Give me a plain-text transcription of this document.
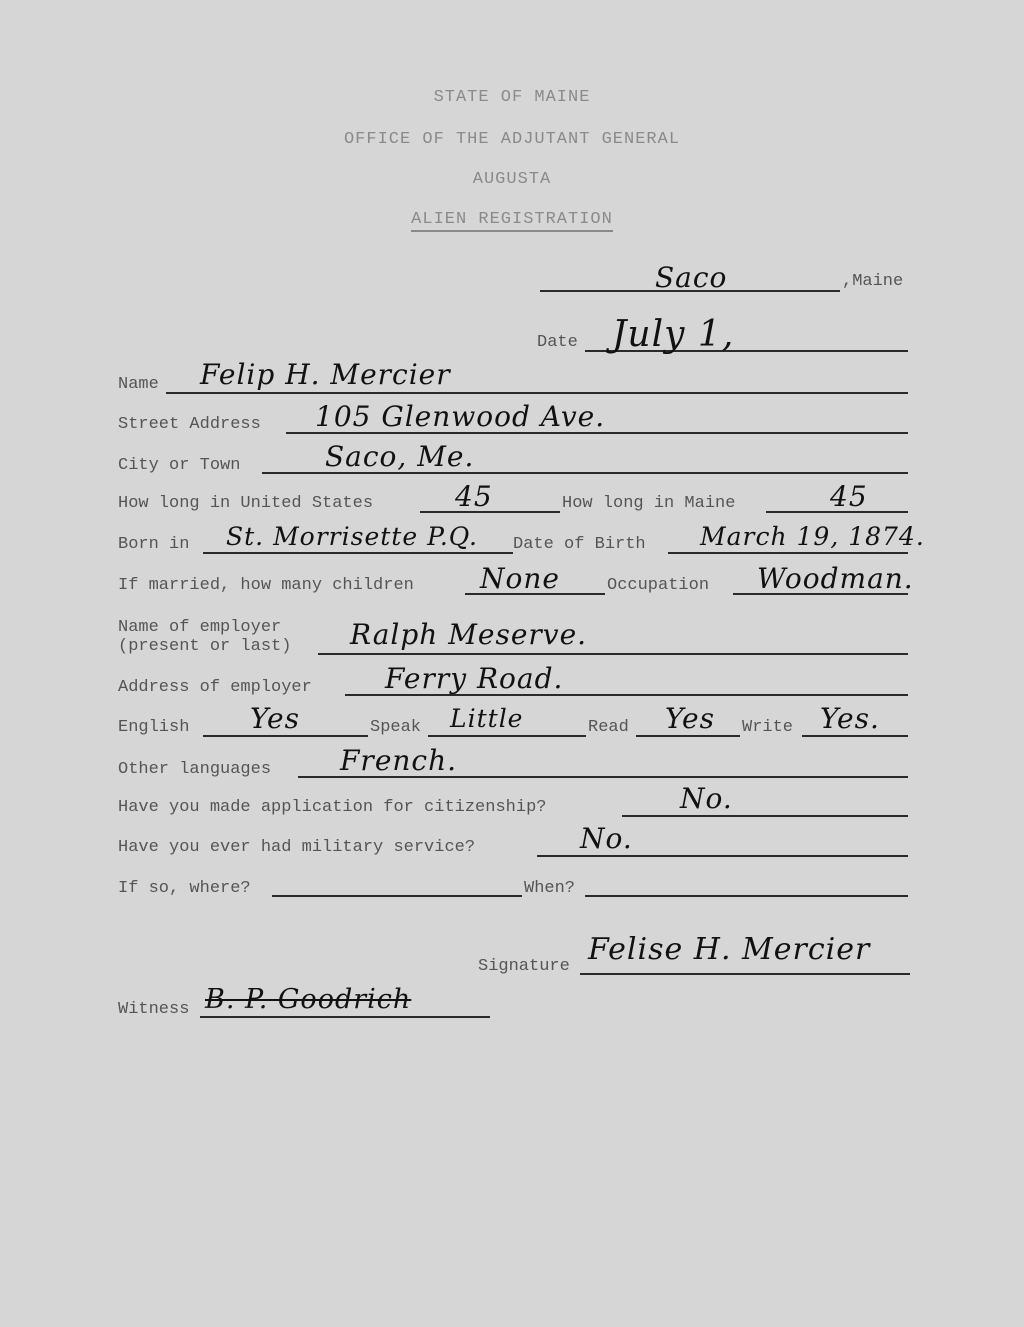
STATE OF MAINE
OFFICE OF THE ADJUTANT GENERAL
AUGUSTA
ALIEN REGISTRATION
Saco	,Maine
Date July 1,
Name Felip H. Mercier
Street Address 105 Glenwood Ave.
City or Town	Saco, Me.
How long in United States	45	How long in Maine	45
Born in St. Morrisette P.Q. Date of Birth March 19, 1874.
If married, how many children None	Occupation Woodman.
Name of employer
(present or last) Ralph Meserve.
Address of employer	Ferry Road.
English Yes	Speak Little	Read Yes Write Yes.
Other languages French.
Have you made application for citizenship?	No.
Have you ever had military service?	No.
If so, where?	When?
Signature Felise H. Mercier
Witness B. P. Goodrich
